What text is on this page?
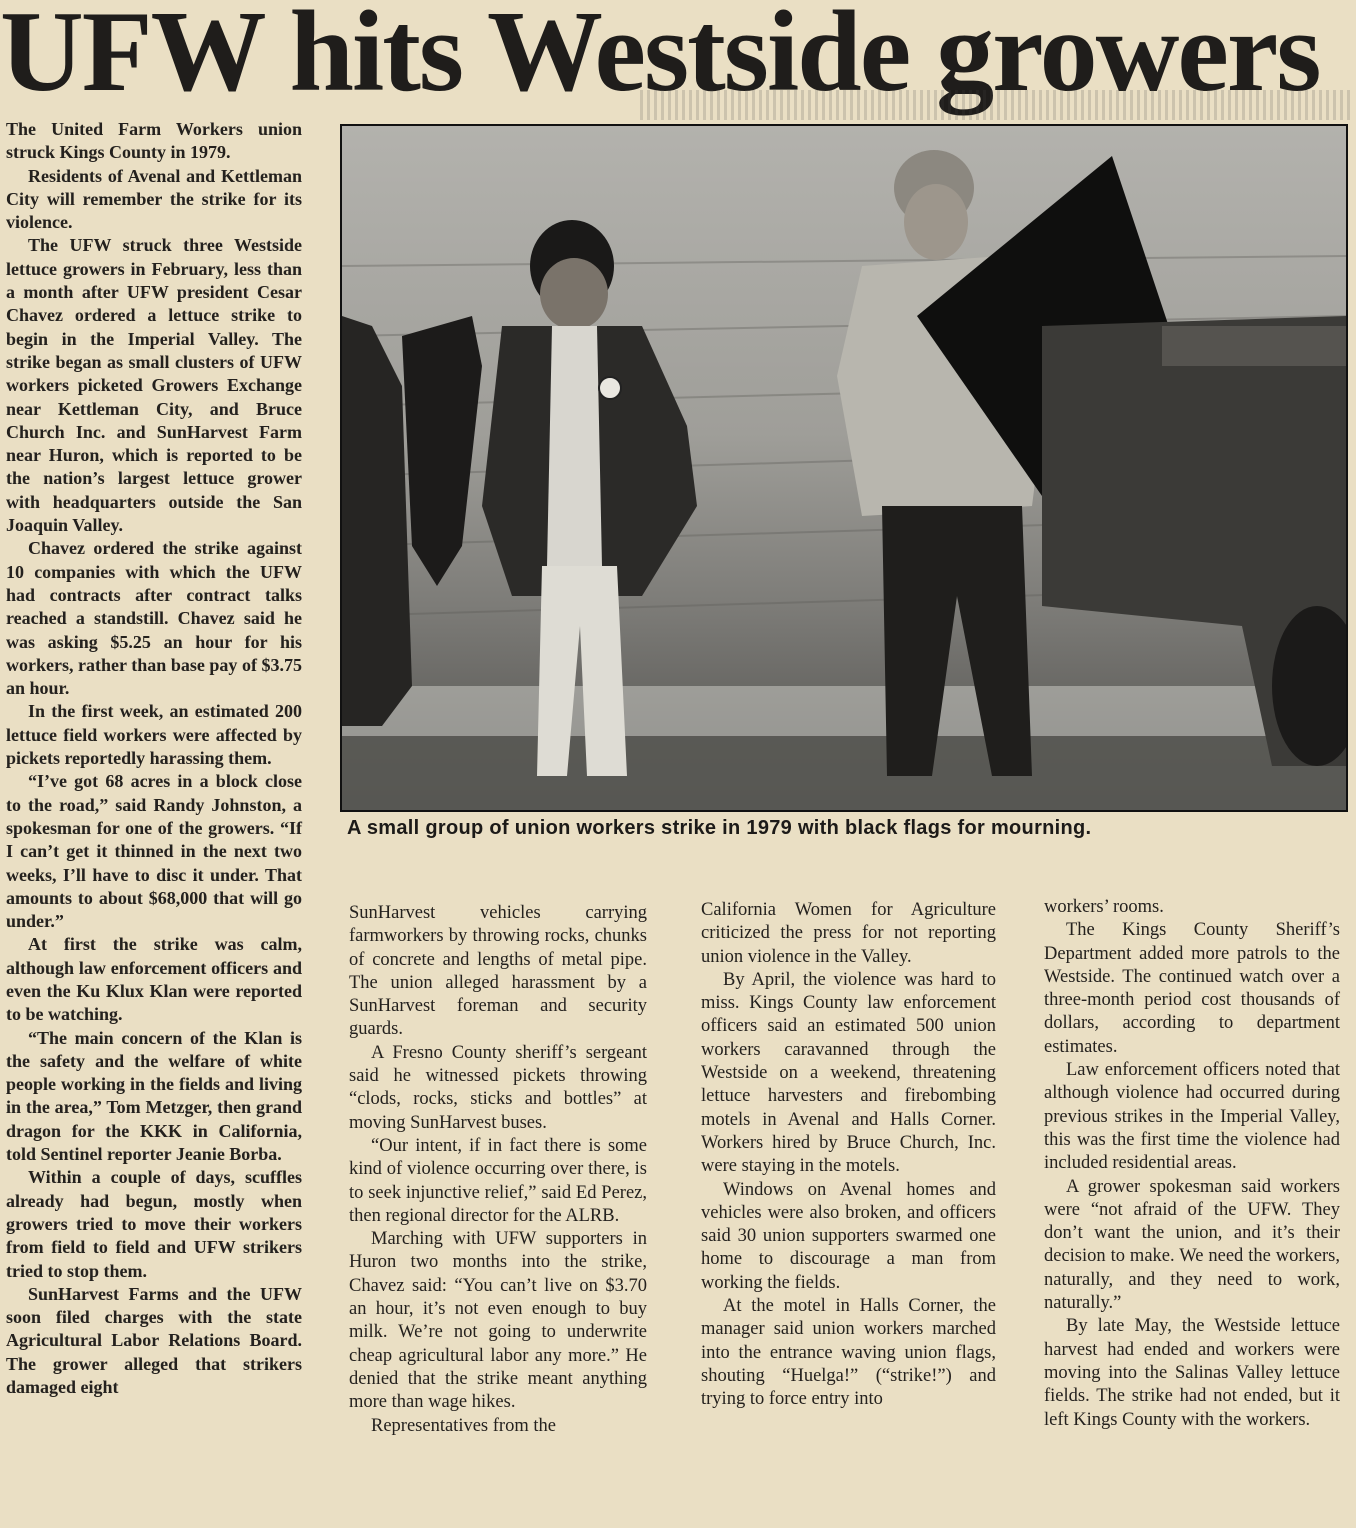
UFW hits Westside growers

The United Farm Workers union struck Kings County in 1979.

Residents of Avenal and Kettleman City will remember the strike for its violence.

The UFW struck three Westside lettuce growers in February, less than a month after UFW president Cesar Chavez ordered a lettuce strike to begin in the Imperial Valley. The strike began as small clusters of UFW workers picketed Growers Exchange near Kettleman City, and Bruce Church Inc. and SunHarvest Farm near Huron, which is reported to be the nation’s largest lettuce grower with headquarters outside the San Joaquin Valley.

Chavez ordered the strike against 10 companies with which the UFW had contracts after contract talks reached a standstill. Chavez said he was asking $5.25 an hour for his workers, rather than base pay of $3.75 an hour.

In the first week, an estimated 200 lettuce field workers were affected by pickets reportedly harassing them.

“I’ve got 68 acres in a block close to the road,” said Randy Johnston, a spokesman for one of the growers. “If I can’t get it thinned in the next two weeks, I’ll have to disc it under. That amounts to about $68,000 that will go under.”

At first the strike was calm, although law enforcement officers and even the Ku Klux Klan were reported to be watching.

“The main concern of the Klan is the safety and the welfare of white people working in the fields and living in the area,” Tom Metzger, then grand dragon for the KKK in California, told Sentinel reporter Jeanie Borba.

Within a couple of days, scuffles already had begun, mostly when growers tried to move their workers from field to field and UFW strikers tried to stop them.

SunHarvest Farms and the UFW soon filed charges with the state Agricultural Labor Relations Board. The grower alleged that strikers damaged eight

A small group of union workers strike in 1979 with black flags for mourning.

SunHarvest vehicles carrying farmworkers by throwing rocks, chunks of concrete and lengths of metal pipe. The union alleged harassment by a SunHarvest foreman and security guards.

A Fresno County sheriff’s sergeant said he witnessed pickets throwing “clods, rocks, sticks and bottles” at moving SunHarvest buses.

“Our intent, if in fact there is some kind of violence occurring over there, is to seek injunctive relief,” said Ed Perez, then regional director for the ALRB.

Marching with UFW supporters in Huron two months into the strike, Chavez said: “You can’t live on $3.70 an hour, it’s not even enough to buy milk. We’re not going to underwrite cheap agricultural labor any more.” He denied that the strike meant anything more than wage hikes.

Representatives from the

California Women for Agriculture criticized the press for not reporting union violence in the Valley.

By April, the violence was hard to miss. Kings County law enforcement officers said an estimated 500 union workers caravanned through the Westside on a weekend, threatening lettuce harvesters and firebombing motels in Avenal and Halls Corner. Workers hired by Bruce Church, Inc. were staying in the motels.

Windows on Avenal homes and vehicles were also broken, and officers said 30 union supporters swarmed one home to discourage a man from working the fields.

At the motel in Halls Corner, the manager said union workers marched into the entrance waving union flags, shouting “Huelga!” (“strike!”) and trying to force entry into

workers’ rooms.

The Kings County Sheriff’s Department added more patrols to the Westside. The continued watch over a three-month period cost thousands of dollars, according to department estimates.

Law enforcement officers noted that although violence had occurred during previous strikes in the Imperial Valley, this was the first time the violence had included residential areas.

A grower spokesman said workers were “not afraid of the UFW. They don’t want the union, and it’s their decision to make. We need the workers, naturally, and they need to work, naturally.”

By late May, the Westside lettuce harvest had ended and workers were moving into the Salinas Valley lettuce fields. The strike had not ended, but it left Kings County with the workers.
